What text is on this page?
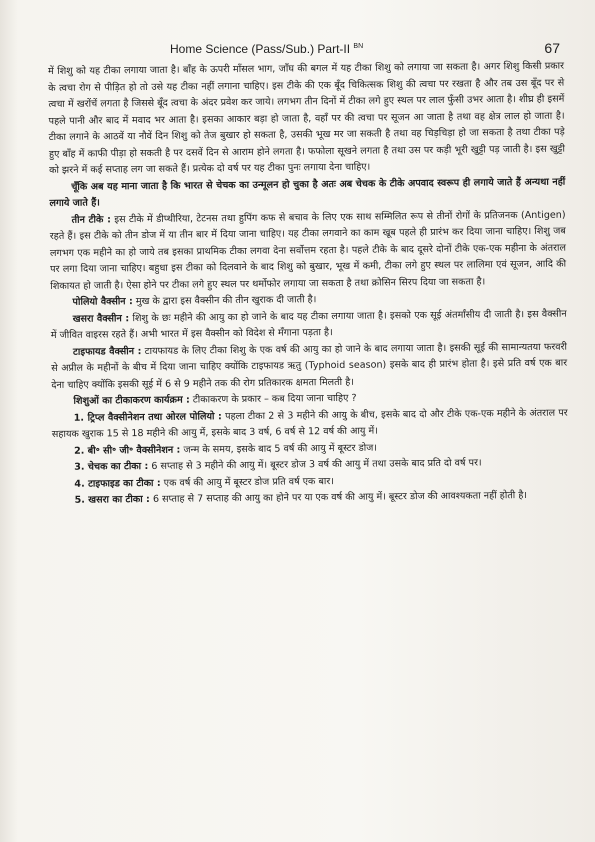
Home Science (Pass/Sub.) Part-II $^{BN}$	67

में शिशु को यह टीका लगाया जाता है। बाँह के ऊपरी माँसल भाग, जाँघ की बगल में यह टीका शिशु को लगाया जा सकता है। अगर शिशु किसी प्रकार के त्वचा रोग से पीड़ित हो तो उसे यह टीका नहीं लगाना चाहिए। इस टीके की एक बूँद चिकित्सक शिशु की त्वचा पर रखता है और तब उस बूँद पर से त्वचा में खरोंचें लगता है जिससे बूँद त्वचा के अंदर प्रवेश कर जाये। लगभग तीन दिनों में टीका लगे हुए स्थल पर लाल फुँसी उभर आता है। शीघ्र ही इसमें पहले पानी और बाद में मवाद भर आता है। इसका आकार बड़ा हो जाता है, वहाँ पर की त्वचा पर सूजन आ जाता है तथा वह क्षेत्र लाल हो जाता है। टीका लगाने के आठवें या नौवें दिन शिशु को तेज बुखार हो सकता है, उसकी भूख मर जा सकती है तथा वह चिड़चिड़ा हो जा सकता है तथा टीका पड़े हुए बाँह में काफी पीड़ा हो सकती है पर दसवें दिन से आराम होने लगता है। फफोला सूखने लगता है तथा उस पर कड़ी भूरी खुट्टी पड़ जाती है। इस खुट्टी को झरने में कई सप्ताह लग जा सकते हैं। प्रत्येक दो वर्ष पर यह टीका पुनः लगाया देना चाहिए।

चूँकि अब यह माना जाता है कि भारत से चेचक का उन्मूलन हो चुका है अतः अब चेचक के टीके अपवाद स्वरूप ही लगाये जाते हैं अन्यथा नहीं लगाये जाते हैं।

तीन टीके : इस टीके में डीप्थीरिया, टेटनस तथा हुपिंग कफ से बचाव के लिए एक साथ सम्मिलित रूप से तीनों रोगों के प्रतिजनक (Antigen) रहते हैं। इस टीके को तीन डोज में या तीन बार में दिया जाना चाहिए। यह टीका लगवाने का काम खूब पहले ही प्रारंभ कर दिया जाना चाहिए। शिशु जब लगभग एक महीने का हो जाये तब इसका प्राथमिक टीका लगवा देना सर्वोत्तम रहता है। पहले टीके के बाद दूसरे दोनों टीके एक-एक महीना के अंतराल पर लगा दिया जाना चाहिए। बहुधा इस टीका को दिलवाने के बाद शिशु को बुखार, भूख में कमी, टीका लगे हुए स्थल पर लालिमा एवं सूजन, आदि की शिकायत हो जाती है। ऐसा होने पर टीका लगे हुए स्थल पर थर्मोफोर लगाया जा सकता है तथा क्रोसिन सिरप दिया जा सकता है।

पोलियो वैक्सीन : मुख के द्वारा इस वैक्सीन की तीन खुराक दी जाती है।

खसरा वैक्सीन : शिशु के छः महीने की आयु का हो जाने के बाद यह टीका लगाया जाता है। इसको एक सूई अंतर्मांसीय दी जाती है। इस वैक्सीन में जीवित वाइरस रहते हैं। अभी भारत में इस वैक्सीन को विदेश से मँगाना पड़ता है।

टाइफायड वैक्सीन : टायफायड के लिए टीका शिशु के एक वर्ष की आयु का हो जाने के बाद लगाया जाता है। इसकी सूई की सामान्यतया फरवरी से अप्रील के महीनों के बीच में दिया जाना चाहिए क्योंकि टाइफायड ऋतु (Typhoid season) इसके बाद ही प्रारंभ होता है। इसे प्रति वर्ष एक बार देना चाहिए क्योंकि इसकी सूई में 6 से 9 महीने तक की रोग प्रतिकारक क्षमता मिलती है।

शिशुओं का टीकाकरण कार्यक्रम : टीकाकरण के प्रकार – कब दिया जाना चाहिए ?

1. ट्रिप्ल वैक्सीनेशन तथा ओरल पोलियो : पहला टीका 2 से 3 महीने की आयु के बीच, इसके बाद दो और टीके एक-एक महीने के अंतराल पर सहायक खुराक 15 से 18 महीने की आयु में, इसके बाद 3 वर्ष, 6 वर्ष से 12 वर्ष की आयु में।

2. बी॰ सी॰ जी॰ वैक्सीनेशन : जन्म के समय, इसके बाद 5 वर्ष की आयु में बूस्टर डोज।

3. चेचक का टीका : 6 सप्ताह से 3 महीने की आयु में। बूस्टर डोज 3 वर्ष की आयु में तथा उसके बाद प्रति दो वर्ष पर।

4. टाइफाइड का टीका : एक वर्ष की आयु में बूस्टर डोज प्रति वर्ष एक बार।

5. खसरा का टीका : 6 सप्ताह से 7 सप्ताह की आयु का होने पर या एक वर्ष की आयु में। बूस्टर डोज की आवश्यकता नहीं होती है।
